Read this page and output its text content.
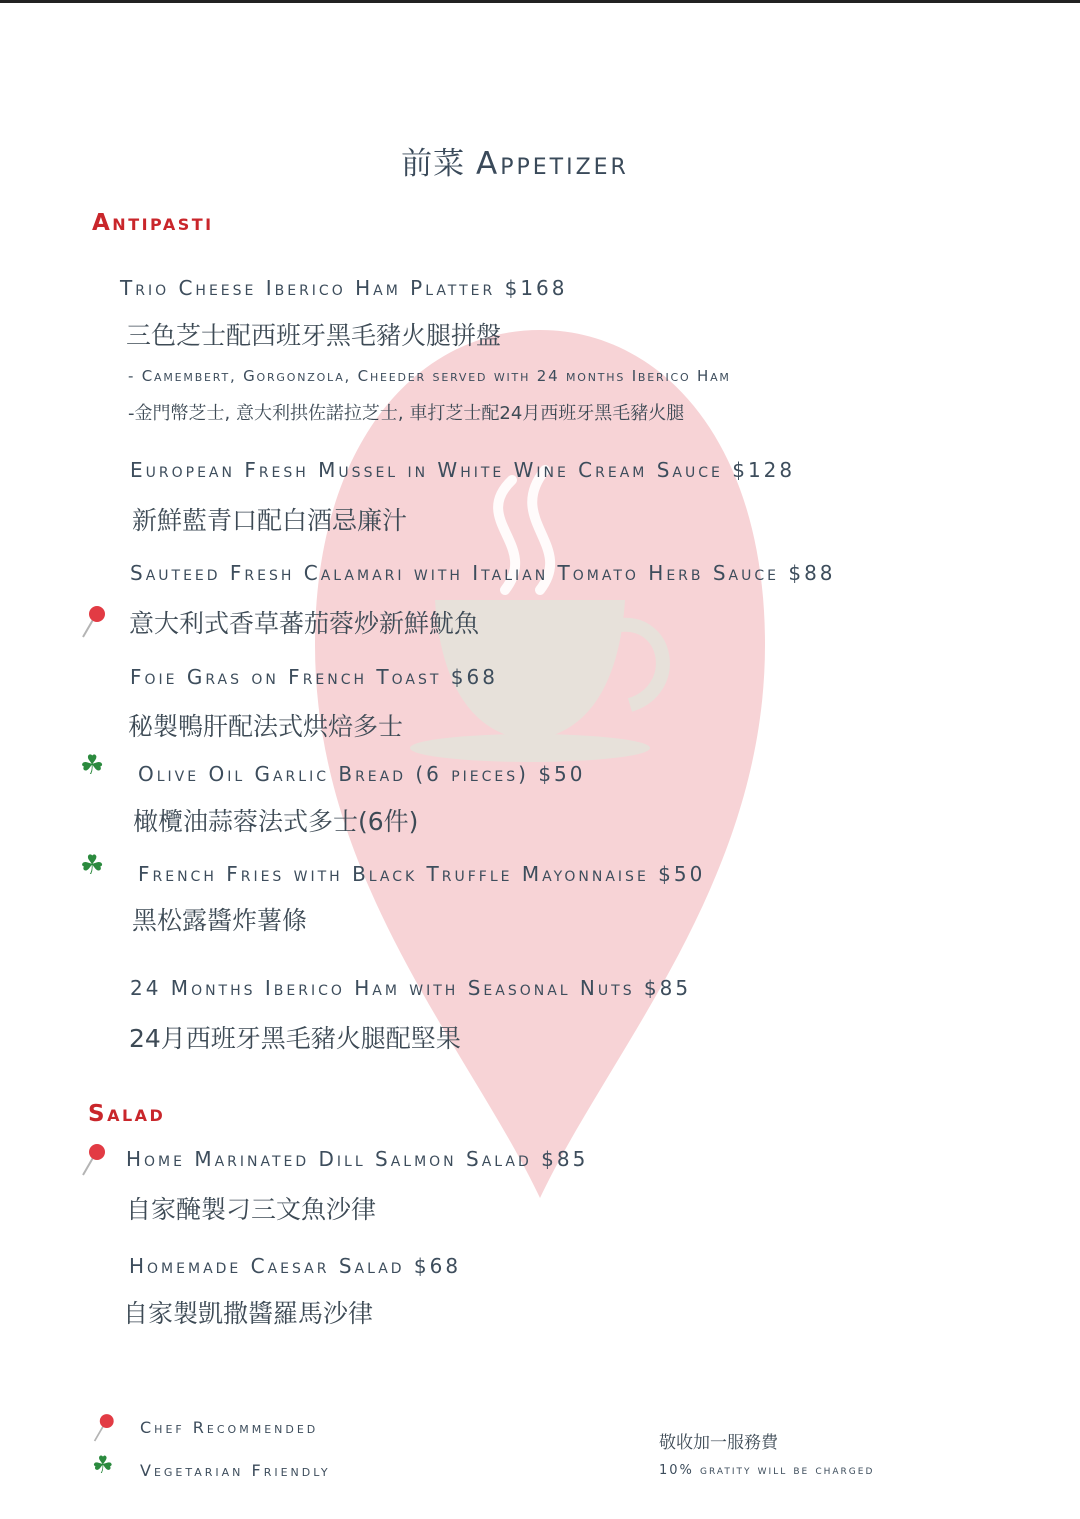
前菜 Appetizer
Antipasti
Trio Cheese Iberico Ham Platter $168
三色芝士配西班牙黑毛豬火腿拼盤
- Camembert, Gorgonzola, Cheeder served with 24 months Iberico Ham
-金門幣芝士, 意大利拱佐諾拉芝士, 車打芝士配24月西班牙黑毛豬火腿
European Fresh Mussel in White Wine Cream Sauce $128
新鮮藍青口配白酒忌廉汁
Sauteed Fresh Calamari with Italian Tomato Herb Sauce $88
意大利式香草蕃茄蓉炒新鮮魷魚
Foie Gras on French Toast $68
秘製鴨肝配法式烘焙多士
☘ Olive Oil Garlic Bread (6 pieces) $50
橄欖油蒜蓉法式多士(6件)
☘ French Fries with Black Truffle Mayonnaise $50
黑松露醬炸薯條
24 Months Iberico Ham with Seasonal Nuts $85
24月西班牙黑毛豬火腿配堅果
Salad
Home Marinated Dill Salmon Salad $85
自家醃製刁三文魚沙律
Homemade Caesar Salad $68
自家製凱撒醬羅馬沙律
Chef Recommended
☘ Vegetarian Friendly
敬收加一服務費
10% gratity will be charged
